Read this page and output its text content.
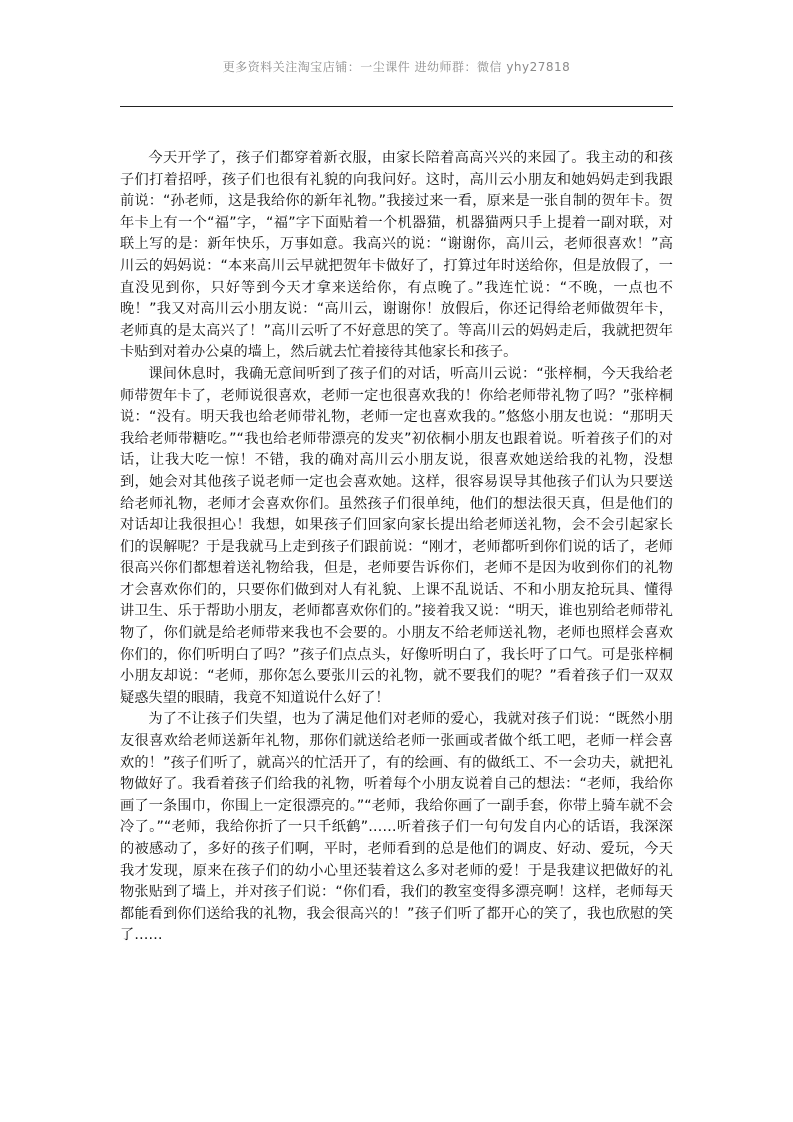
更多资料关注淘宝店铺：一尘课件 进幼师群：微信 yhy27818

今天开学了，孩子们都穿着新衣服，由家长陪着高高兴兴的来园了。我主动的和孩子们打着招呼，孩子们也很有礼貌的向我问好。这时，高川云小朋友和她妈妈走到我跟前说：“孙老师，这是我给你的新年礼物。”我接过来一看，原来是一张自制的贺年卡。贺年卡上有一个“福”字，“福”字下面贴着一个机器猫，机器猫两只手上提着一副对联，对联上写的是：新年快乐，万事如意。我高兴的说：“谢谢你，高川云，老师很喜欢！”高川云的妈妈说：“本来高川云早就把贺年卡做好了，打算过年时送给你，但是放假了，一直没见到你，只好等到今天才拿来送给你，有点晚了。”我连忙说：“不晚，一点也不晚！”我又对高川云小朋友说：“高川云，谢谢你！放假后，你还记得给老师做贺年卡，老师真的是太高兴了！”高川云听了不好意思的笑了。等高川云的妈妈走后，我就把贺年卡贴到对着办公桌的墙上，然后就去忙着接待其他家长和孩子。

课间休息时，我确无意间听到了孩子们的对话，听高川云说：“张梓桐，今天我给老师带贺年卡了，老师说很喜欢，老师一定也很喜欢我的！你给老师带礼物了吗？”张梓桐说：“没有。明天我也给老师带礼物，老师一定也喜欢我的。”悠悠小朋友也说：“那明天我给老师带糖吃。”“我也给老师带漂亮的发夹”初依桐小朋友也跟着说。听着孩子们的对话，让我大吃一惊！不错，我的确对高川云小朋友说，很喜欢她送给我的礼物，没想到，她会对其他孩子说老师一定也会喜欢她。这样，很容易误导其他孩子们认为只要送给老师礼物，老师才会喜欢你们。虽然孩子们很单纯，他们的想法很天真，但是他们的对话却让我很担心！我想，如果孩子们回家向家长提出给老师送礼物，会不会引起家长们的误解呢？于是我就马上走到孩子们跟前说：“刚才，老师都听到你们说的话了，老师很高兴你们都想着送礼物给我，但是，老师要告诉你们，老师不是因为收到你们的礼物才会喜欢你们的，只要你们做到对人有礼貌、上课不乱说话、不和小朋友抢玩具、懂得讲卫生、乐于帮助小朋友，老师都喜欢你们的。”接着我又说：“明天，谁也别给老师带礼物了，你们就是给老师带来我也不会要的。小朋友不给老师送礼物，老师也照样会喜欢你们的，你们听明白了吗？”孩子们点点头，好像听明白了，我长吁了口气。可是张梓桐小朋友却说：“老师，那你怎么要张川云的礼物，就不要我们的呢？”看着孩子们一双双疑惑失望的眼睛，我竟不知道说什么好了！

为了不让孩子们失望，也为了满足他们对老师的爱心，我就对孩子们说：“既然小朋友很喜欢给老师送新年礼物，那你们就送给老师一张画或者做个纸工吧，老师一样会喜欢的！”孩子们听了，就高兴的忙活开了，有的绘画、有的做纸工、不一会功夫，就把礼物做好了。我看着孩子们给我的礼物，听着每个小朋友说着自己的想法：“老师，我给你画了一条围巾，你围上一定很漂亮的。”“老师，我给你画了一副手套，你带上骑车就不会冷了。”“老师，我给你折了一只千纸鹤”……听着孩子们一句句发自内心的话语，我深深的被感动了，多好的孩子们啊，平时，老师看到的总是他们的调皮、好动、爱玩，今天我才发现，原来在孩子们的幼小心里还装着这么多对老师的爱！于是我建议把做好的礼物张贴到了墙上，并对孩子们说：“你们看，我们的教室变得多漂亮啊！这样，老师每天都能看到你们送给我的礼物，我会很高兴的！”孩子们听了都开心的笑了，我也欣慰的笑了……
